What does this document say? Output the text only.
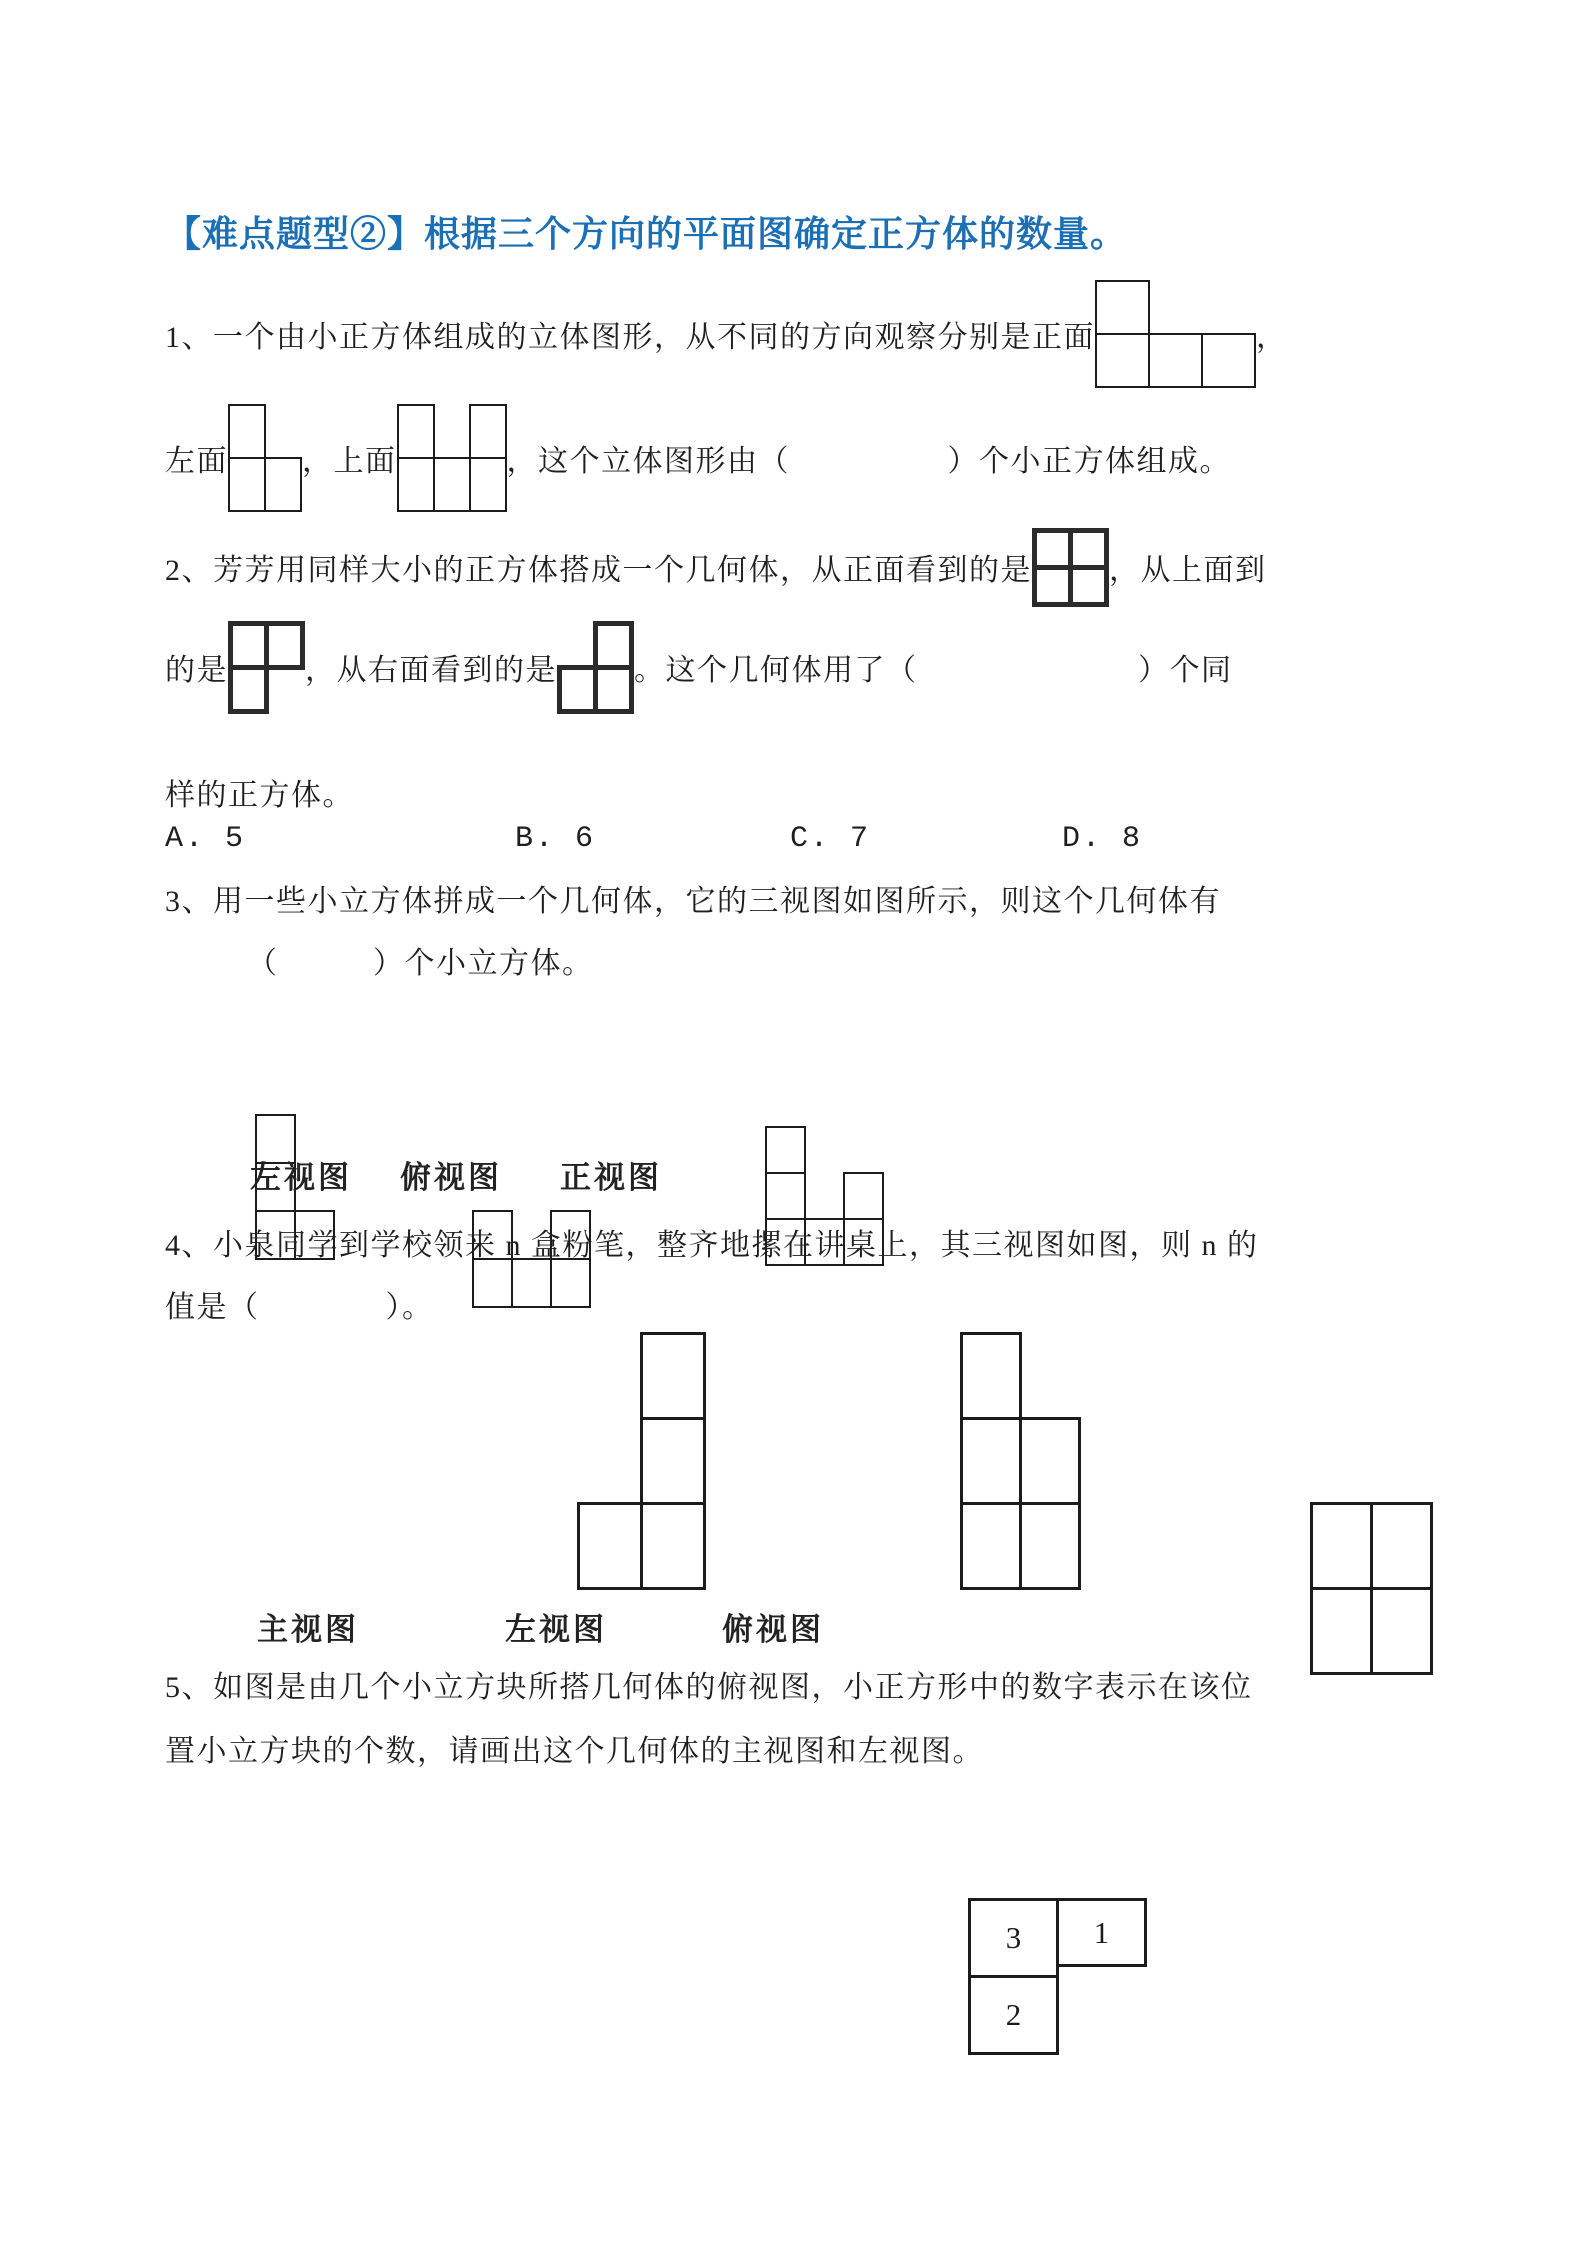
【难点题型②】根据三个方向的平面图确定正方体的数量。
1、一个由小正方体组成的立体图形，从不同的方向观察分别是正面	，
左面 ，上面	，这个立体图形由（　　　　　）个小正方体组成。
2、芳芳用同样大小的正方体搭成一个几何体，从正面看到的是	，从上面到
的是	，从右面看到的是	。这个几何体用了（　　　　　　　）个同
样的正方体。
A. 5	B. 6	C. 7	D. 8
3、用一些小立方体拼成一个几何体，它的三视图如图所示，则这个几何体有
（　　　）个小立方体。

左视图 俯视图 正视图
4、小泉同学到学校领来 n 盒粉笔，整齐地摞在讲桌上，其三视图如图，则 n 的
值是（　　　　）。

主视图	左视图	俯视图
5、如图是由几个小立方块所搭几何体的俯视图，小正方形中的数字表示在该位
置小立方块的个数，请画出这个几何体的主视图和左视图。
3	1
2
